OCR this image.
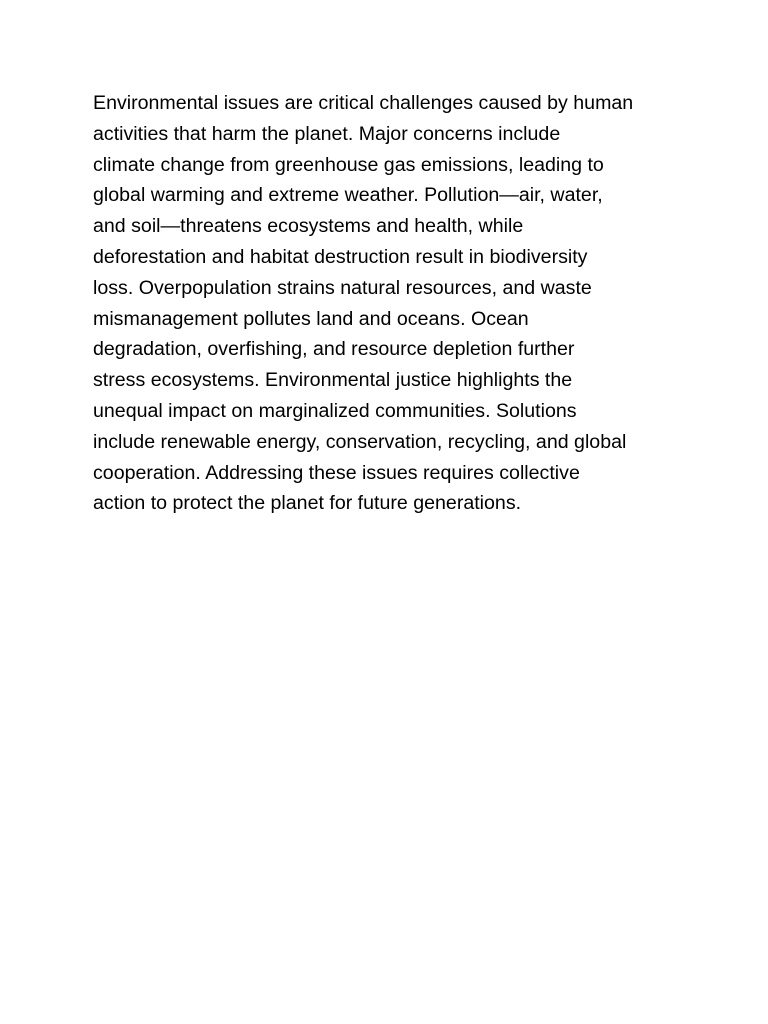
Environmental issues are critical challenges caused by human
activities that harm the planet. Major concerns include
climate change from greenhouse gas emissions, leading to
global warming and extreme weather. Pollution—air, water,
and soil—threatens ecosystems and health, while
deforestation and habitat destruction result in biodiversity
loss. Overpopulation strains natural resources, and waste
mismanagement pollutes land and oceans. Ocean
degradation, overfishing, and resource depletion further
stress ecosystems. Environmental justice highlights the
unequal impact on marginalized communities. Solutions
include renewable energy, conservation, recycling, and global
cooperation. Addressing these issues requires collective
action to protect the planet for future generations.
